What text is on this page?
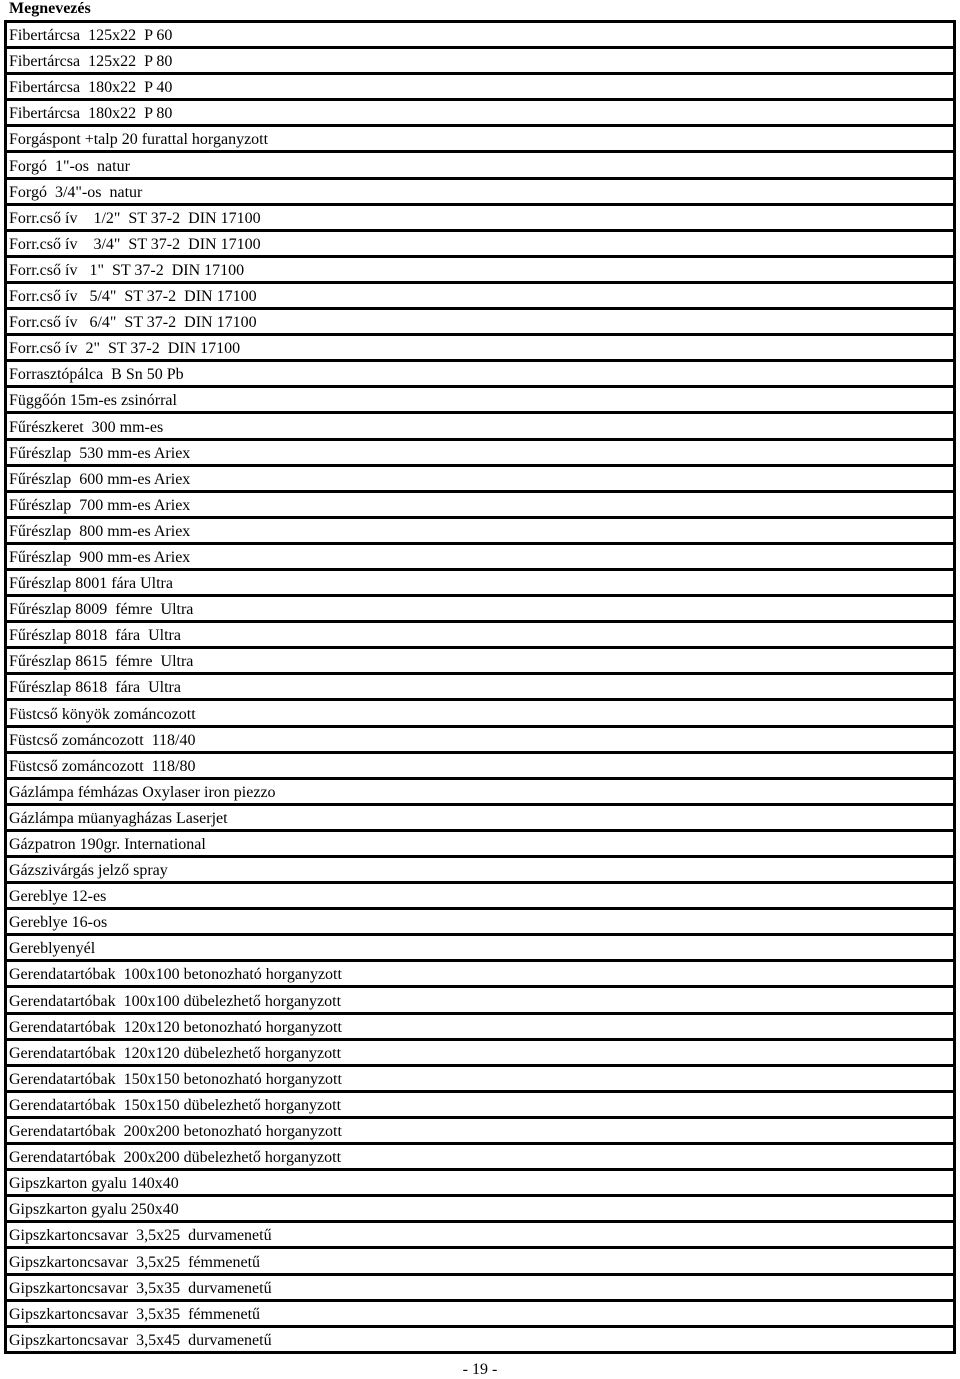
Megnevezés
Fibertárcsa  125x22  P 60
Fibertárcsa  125x22  P 80
Fibertárcsa  180x22  P 40
Fibertárcsa  180x22  P 80
Forgáspont +talp 20 furattal horganyzott
Forgó  1"-os  natur
Forgó  3/4"-os  natur
Forr.cső ív    1/2"  ST 37-2  DIN 17100
Forr.cső ív    3/4"  ST 37-2  DIN 17100
Forr.cső ív   1"  ST 37-2  DIN 17100
Forr.cső ív   5/4"  ST 37-2  DIN 17100
Forr.cső ív   6/4"  ST 37-2  DIN 17100
Forr.cső ív  2"  ST 37-2  DIN 17100
Forrasztópálca  B Sn 50 Pb
Függőón 15m-es zsinórral
Fűrészkeret  300 mm-es
Fűrészlap  530 mm-es Ariex
Fűrészlap  600 mm-es Ariex
Fűrészlap  700 mm-es Ariex
Fűrészlap  800 mm-es Ariex
Fűrészlap  900 mm-es Ariex
Fűrészlap 8001 fára Ultra
Fűrészlap 8009  fémre  Ultra
Fűrészlap 8018  fára  Ultra
Fűrészlap 8615  fémre  Ultra
Fűrészlap 8618  fára  Ultra
Füstcső könyök zománcozott
Füstcső zománcozott  118/40
Füstcső zománcozott  118/80
Gázlámpa fémházas Oxylaser iron piezzo
Gázlámpa müanyagházas Laserjet
Gázpatron 190gr. International
Gázszivárgás jelző spray
Gereblye 12-es
Gereblye 16-os
Gereblyenyél
Gerendatartóbak  100x100 betonozható horganyzott
Gerendatartóbak  100x100 dübelezhető horganyzott
Gerendatartóbak  120x120 betonozható horganyzott
Gerendatartóbak  120x120 dübelezhető horganyzott
Gerendatartóbak  150x150 betonozható horganyzott
Gerendatartóbak  150x150 dübelezhető horganyzott
Gerendatartóbak  200x200 betonozható horganyzott
Gerendatartóbak  200x200 dübelezhető horganyzott
Gipszkarton gyalu 140x40
Gipszkarton gyalu 250x40
Gipszkartoncsavar  3,5x25  durvamenetű
Gipszkartoncsavar  3,5x25  fémmenetű
Gipszkartoncsavar  3,5x35  durvamenetű
Gipszkartoncsavar  3,5x35  fémmenetű
Gipszkartoncsavar  3,5x45  durvamenetű
- 19 -
